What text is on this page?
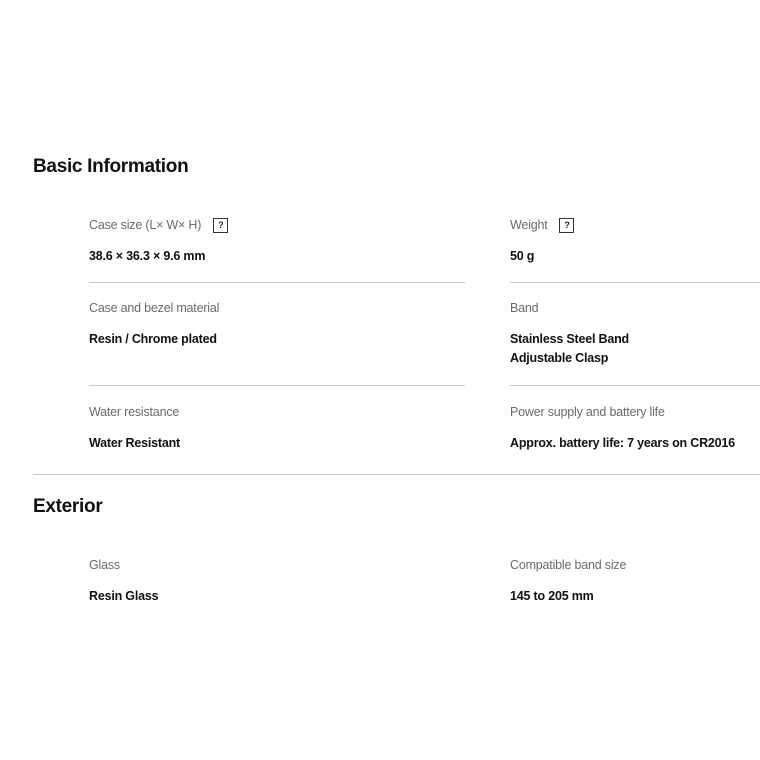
Basic Information
Case size (L× W× H)	?
38.6 × 36.3 × 9.6 mm
Weight	?
50 g
Case and bezel material
Resin / Chrome plated
Band
Stainless Steel Band
Adjustable Clasp
Water resistance
Water Resistant
Power supply and battery life
Approx. battery life: 7 years on CR2016
Exterior
Glass
Resin Glass
Compatible band size
145 to 205 mm
